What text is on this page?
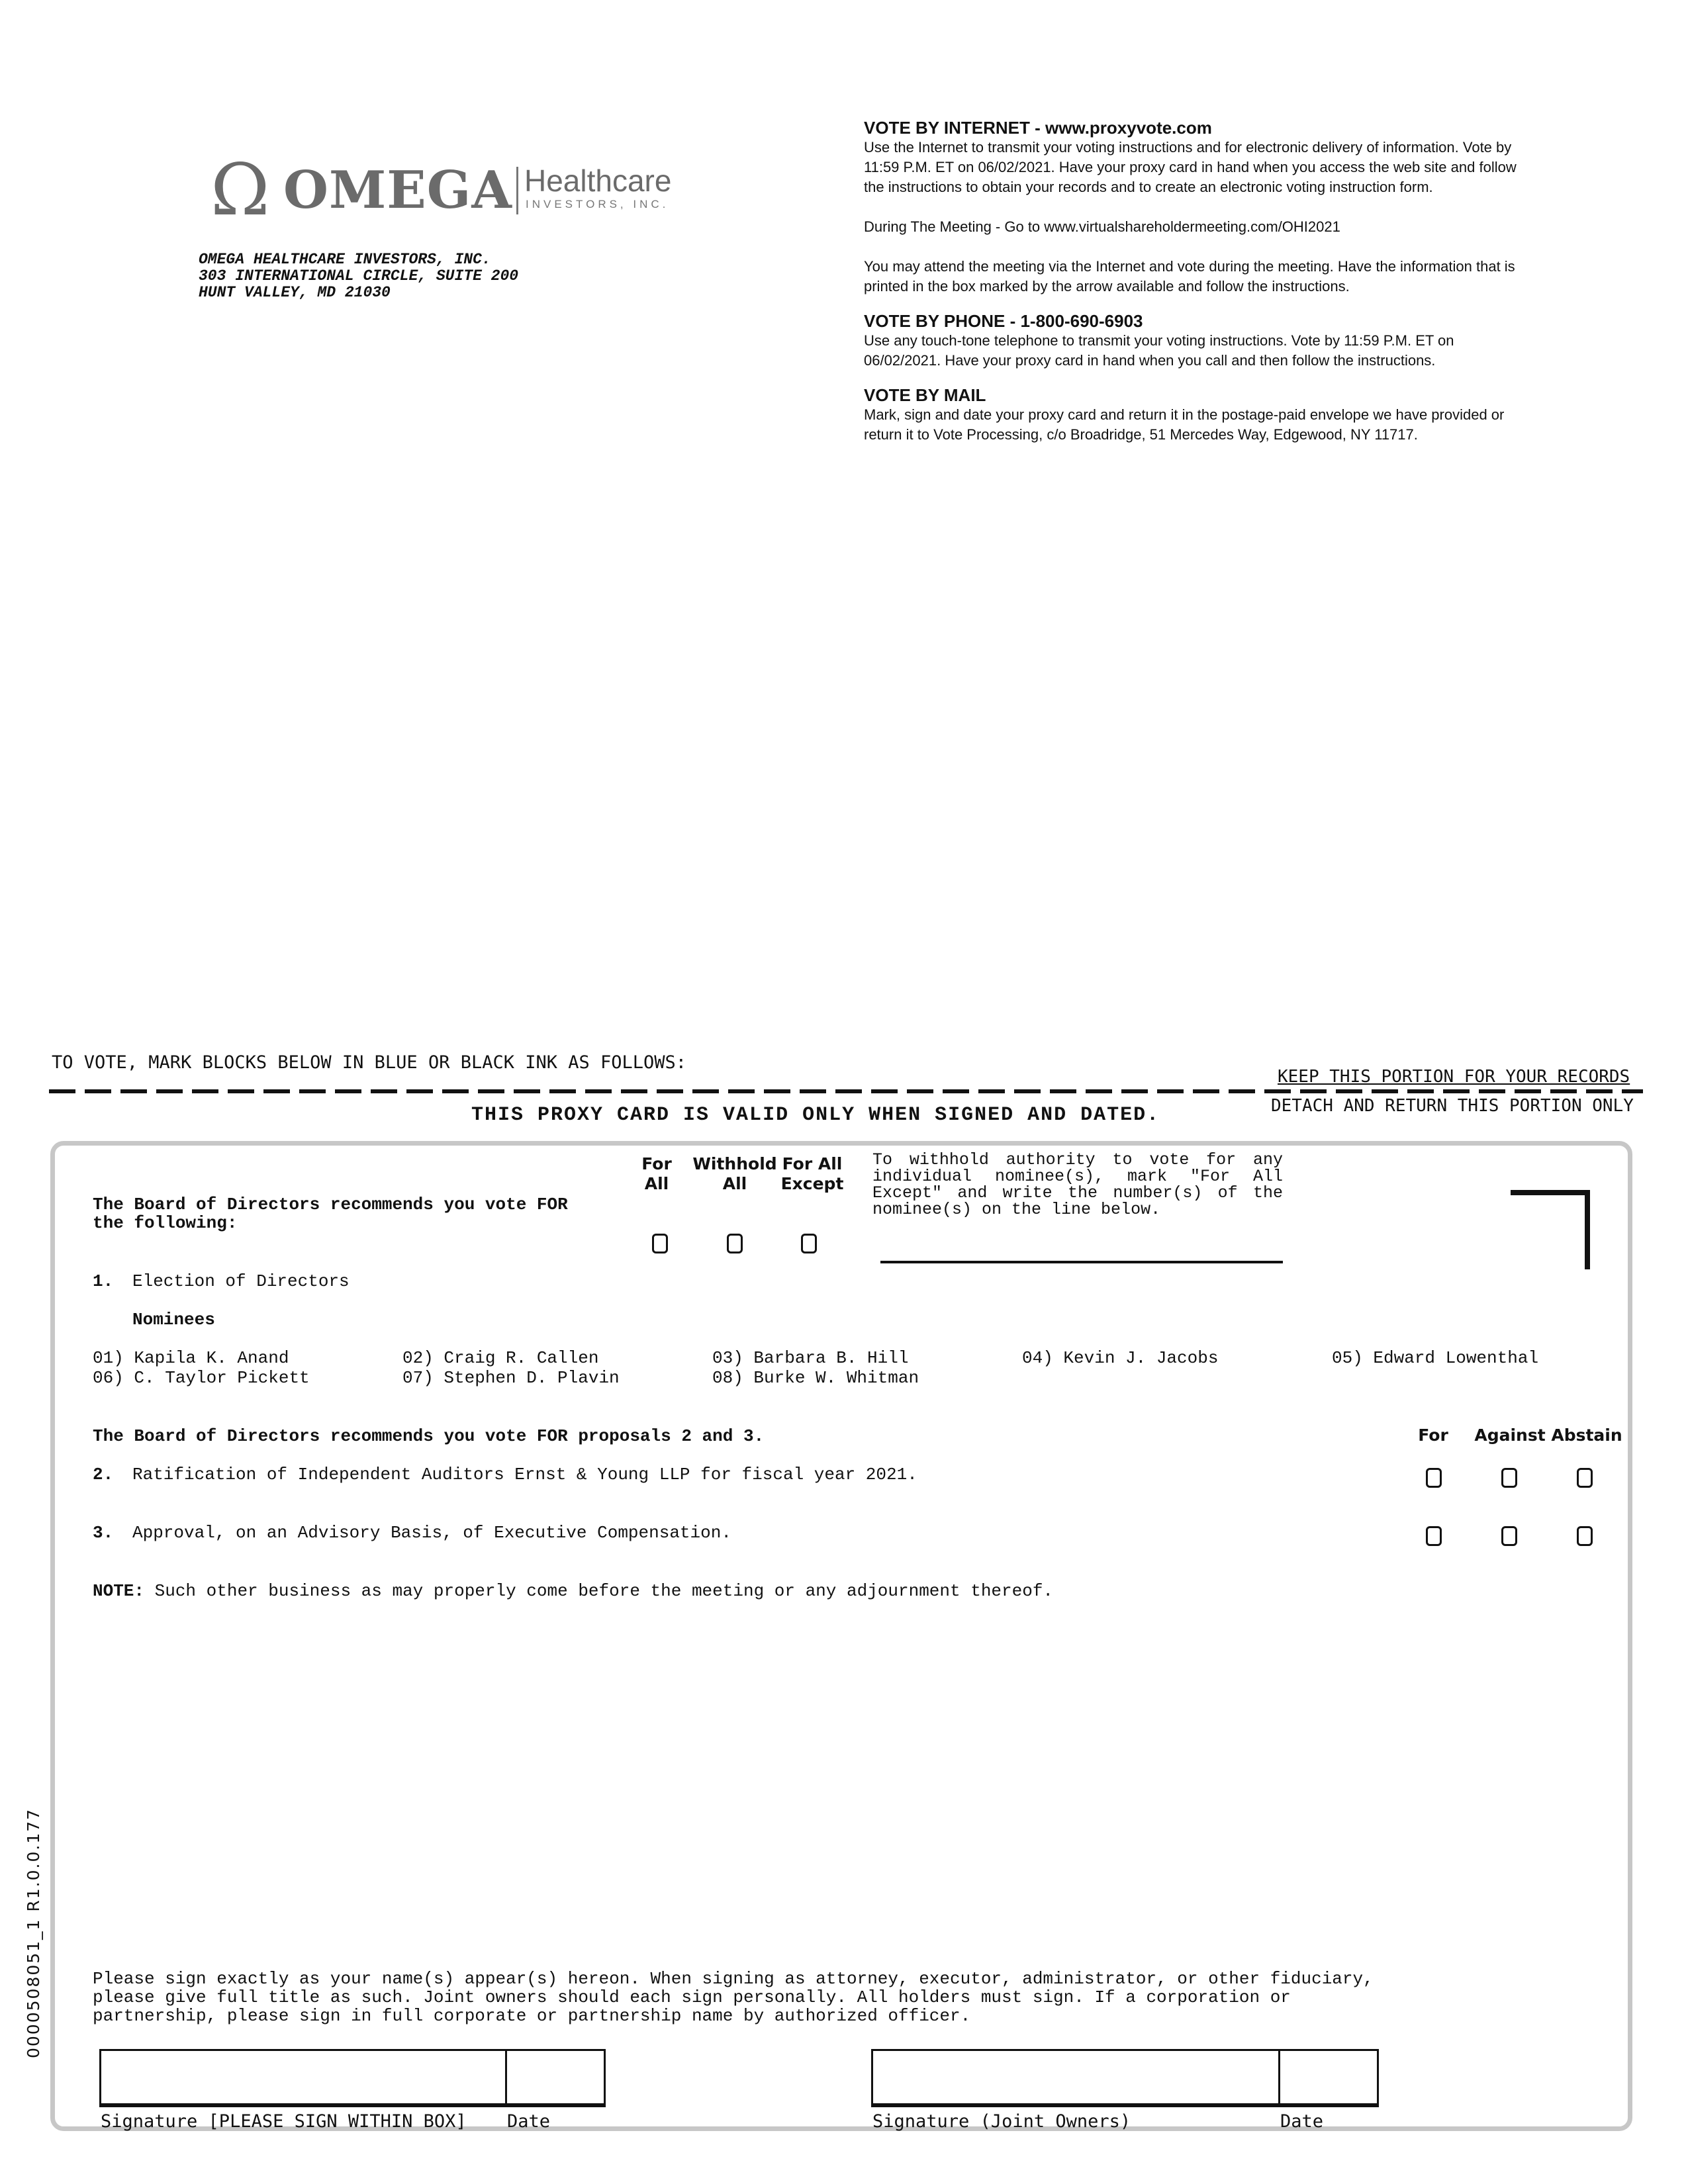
Ω OMEGA Healthcare
INVESTORS, INC.
OMEGA HEALTHCARE INVESTORS, INC.
303 INTERNATIONAL CIRCLE, SUITE 200
HUNT VALLEY, MD 21030

VOTE BY INTERNET - www.proxyvote.com

Use the Internet to transmit your voting instructions and for electronic delivery of information. Vote by 11:59 P.M. ET on 06/02/2021. Have your proxy card in hand when you access the web site and follow the instructions to obtain your records and to create an electronic voting instruction form.

During The Meeting - Go to www.virtualshareholdermeeting.com/OHI2021

You may attend the meeting via the Internet and vote during the meeting. Have the information that is printed in the box marked by the arrow available and follow the instructions.

VOTE BY PHONE - 1-800-690-6903

Use any touch-tone telephone to transmit your voting instructions. Vote by 11:59 P.M. ET on 06/02/2021. Have your proxy card in hand when you call and then follow the instructions.

VOTE BY MAIL

Mark, sign and date your proxy card and return it in the postage-paid envelope we have provided or return it to Vote Processing, c/o Broadridge, 51 Mercedes Way, Edgewood, NY 11717.

TO VOTE, MARK BLOCKS BELOW IN BLUE OR BLACK INK AS FOLLOWS:
KEEP THIS PORTION FOR YOUR RECORDS
DETACH AND RETURN THIS PORTION ONLY
THIS PROXY CARD IS VALID ONLY WHEN SIGNED AND DATED.
The Board of Directors recommends you vote FOR
the following:
For
All
Withhold
All
For All
Except
To withhold authority to vote for any individual nominee(s), mark "For All Except" and write the number(s) of the nominee(s) on the line below.
1. Election of Directors
Nominees
01) Kapila K. Anand	02) Craig R. Callen	03) Barbara B. Hill	04) Kevin J. Jacobs	05) Edward Lowenthal
06) C. Taylor Pickett	07) Stephen D. Plavin	08) Burke W. Whitman
The Board of Directors recommends you vote FOR proposals 2 and 3.	For	Against Abstain
2. Ratification of Independent Auditors Ernst & Young LLP for fiscal year 2021.
3. Approval, on an Advisory Basis, of Executive Compensation.
NOTE: Such other business as may properly come before the meeting or any adjournment thereof.
Please sign exactly as your name(s) appear(s) hereon. When signing as attorney, executor, administrator, or other fiduciary,
please give full title as such. Joint owners should each sign personally. All holders must sign. If a corporation or
partnership, please sign in full corporate or partnership name by authorized officer.
Signature [PLEASE SIGN WITHIN BOX] Date	Signature (Joint Owners)	Date
0000508051_1 R1.0.0.177
